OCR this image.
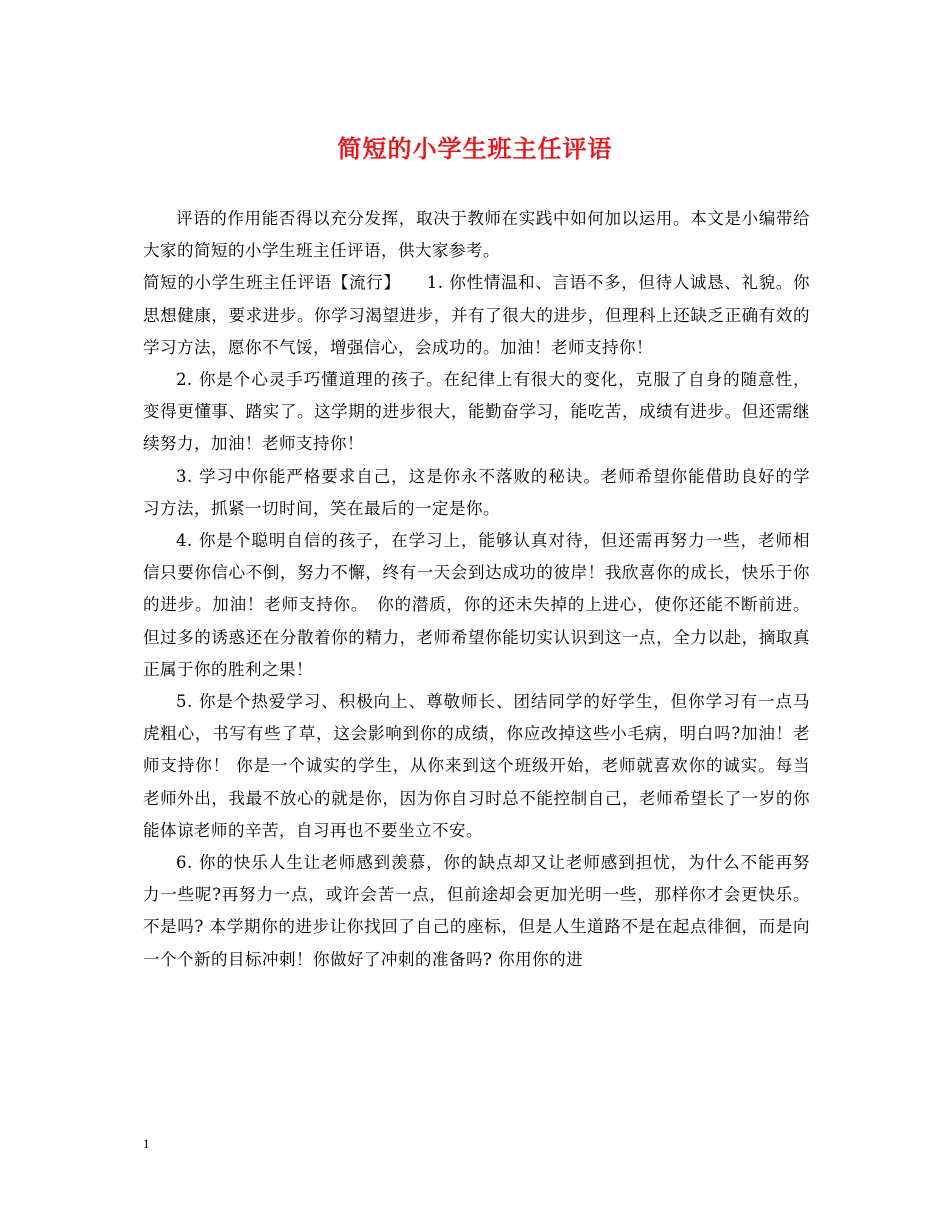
简短的小学生班主任评语

评语的作用能否得以充分发挥，取决于教师在实践中如何加以运用。本文是小编带给大家的简短的小学生班主任评语，供大家参考。

简短的小学生班主任评语【流行】　　1. 你性情温和、言语不多，但待人诚恳、礼貌。你思想健康，要求进步。你学习渴望进步，并有了很大的进步，但理科上还缺乏正确有效的学习方法，愿你不气馁，增强信心，会成功的。加油！老师支持你！

2. 你是个心灵手巧懂道理的孩子。在纪律上有很大的变化，克服了自身的随意性，变得更懂事、踏实了。这学期的进步很大，能勤奋学习，能吃苦，成绩有进步。但还需继续努力，加油！老师支持你！

3. 学习中你能严格要求自己，这是你永不落败的秘诀。老师希望你能借助良好的学习方法，抓紧一切时间，笑在最后的一定是你。

4. 你是个聪明自信的孩子，在学习上，能够认真对待，但还需再努力一些，老师相信只要你信心不倒，努力不懈，终有一天会到达成功的彼岸！我欣喜你的成长，快乐于你的进步。加油！老师支持你。　你的潜质，你的还未失掉的上进心，使你还能不断前进。但过多的诱惑还在分散着你的精力，老师希望你能切实认识到这一点，全力以赴，摘取真正属于你的胜利之果！

5. 你是个热爱学习、积极向上、尊敬师长、团结同学的好学生，但你学习有一点马虎粗心，书写有些了草，这会影响到你的成绩，你应改掉这些小毛病，明白吗?加油！老师支持你！ 你是一个诚实的学生，从你来到这个班级开始，老师就喜欢你的诚实。每当老师外出，我最不放心的就是你，因为你自习时总不能控制自己，老师希望长了一岁的你能体谅老师的辛苦，自习再也不要坐立不安。

6. 你的快乐人生让老师感到羡慕，你的缺点却又让老师感到担忧，为什么不能再努力一些呢?再努力一点，或许会苦一点，但前途却会更加光明一些，那样你才会更快乐。不是吗? 本学期你的进步让你找回了自己的座标，但是人生道路不是在起点徘徊，而是向一个个新的目标冲刺！你做好了冲刺的准备吗? 你用你的进

1
